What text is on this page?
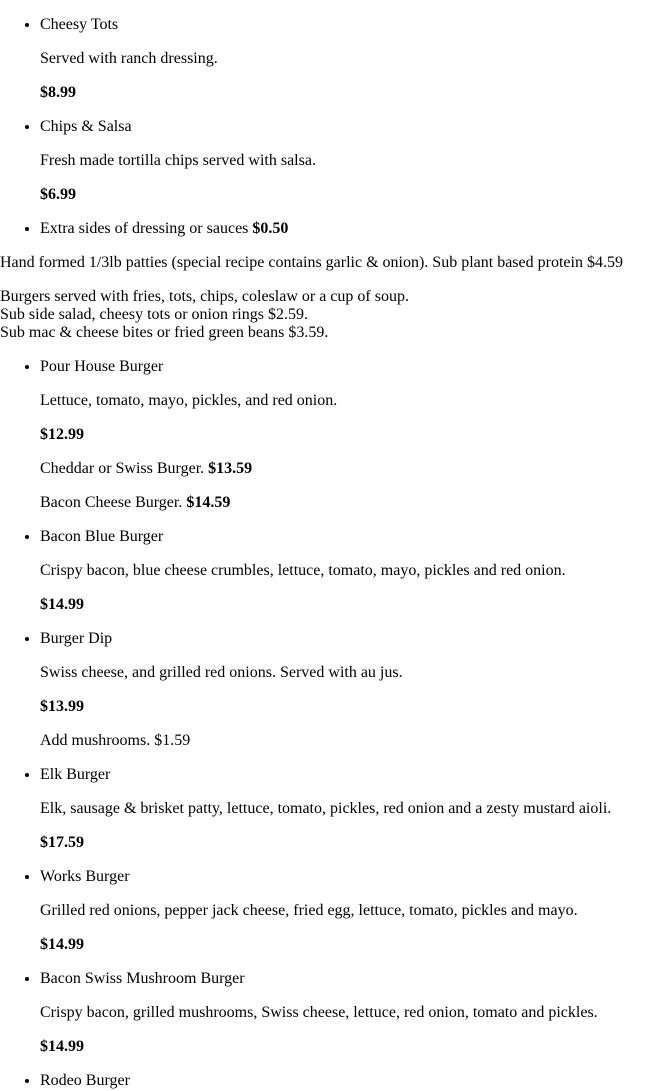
• Cheesy Tots

Served with ranch dressing.

$8.99

• Chips & Salsa

Fresh made tortilla chips served with salsa.

$6.99

• Extra sides of dressing or sauces $0.50

Hand formed 1/3lb patties (special recipe contains garlic & onion). Sub plant based protein $4.59

Burgers served with fries, tots, chips, coleslaw or a cup of soup.
Sub side salad, cheesy tots or onion rings $2.59.
Sub mac & cheese bites or fried green beans $3.59.

• Pour House Burger

Lettuce, tomato, mayo, pickles, and red onion.

$12.99

Cheddar or Swiss Burger. $13.59

Bacon Cheese Burger. $14.59

• Bacon Blue Burger

Crispy bacon, blue cheese crumbles, lettuce, tomato, mayo, pickles and red onion.

$14.99

• Burger Dip

Swiss cheese, and grilled red onions. Served with au jus.

$13.99

Add mushrooms. $1.59

• Elk Burger

Elk, sausage & brisket patty, lettuce, tomato, pickles, red onion and a zesty mustard aioli.

$17.59

• Works Burger

Grilled red onions, pepper jack cheese, fried egg, lettuce, tomato, pickles and mayo.

$14.99

• Bacon Swiss Mushroom Burger

Crispy bacon, grilled mushrooms, Swiss cheese, lettuce, red onion, tomato and pickles.

$14.99

• Rodeo Burger
